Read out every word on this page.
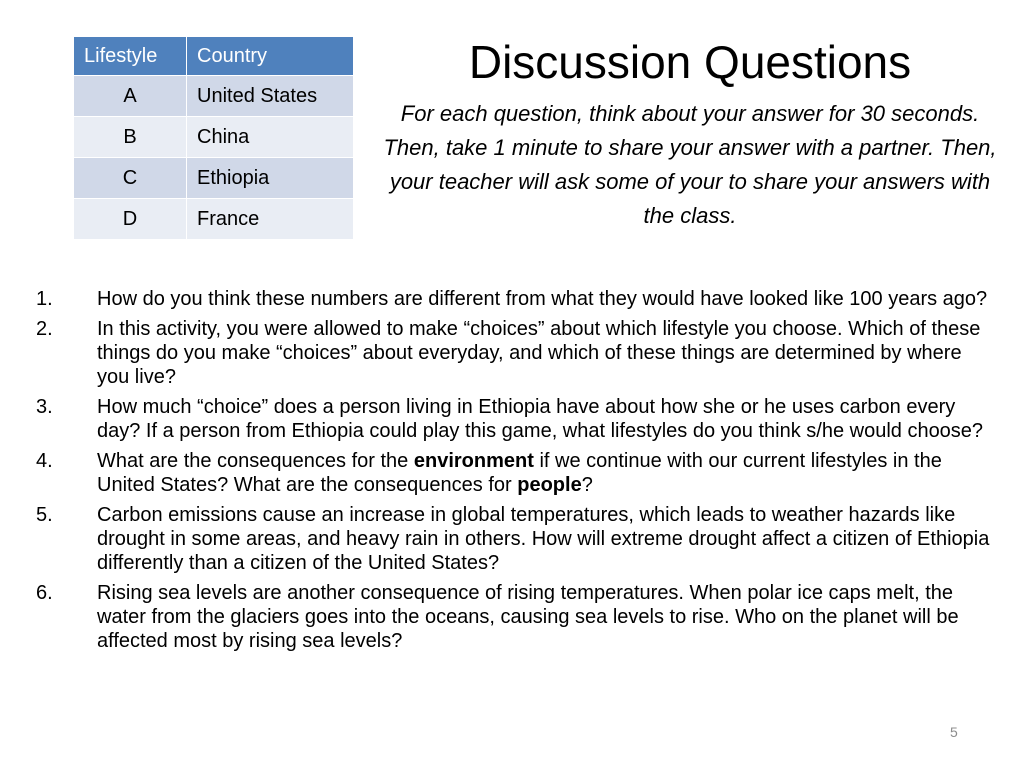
Lifestyle	Country
A	United States
B	China
C	Ethiopia
D	France
Discussion Questions

For each question, think about your answer for 30 seconds. Then, take 1 minute to share your answer with a partner. Then, your teacher will ask some of your to share your answers with the class.

1. How do you think these numbers are different from what they would have looked like 100 years ago?
2. In this activity, you were allowed to make “choices” about which lifestyle you choose. Which of these things do you make “choices” about everyday, and which of these things are determined by where you live?
3. How much “choice” does a person living in Ethiopia have about how she or he uses carbon every day? If a person from Ethiopia could play this game, what lifestyles do you think s/he would choose?
4. What are the consequences for the environment if we continue with our current lifestyles in the United States? What are the consequences for people?
5. Carbon emissions cause an increase in global temperatures, which leads to weather hazards like drought in some areas, and heavy rain in others. How will extreme drought affect a citizen of Ethiopia differently than a citizen of the United States?
6. Rising sea levels are another consequence of rising temperatures. When polar ice caps melt, the water from the glaciers goes into the oceans, causing sea levels to rise. Who on the planet will be affected most by rising sea levels?
5
